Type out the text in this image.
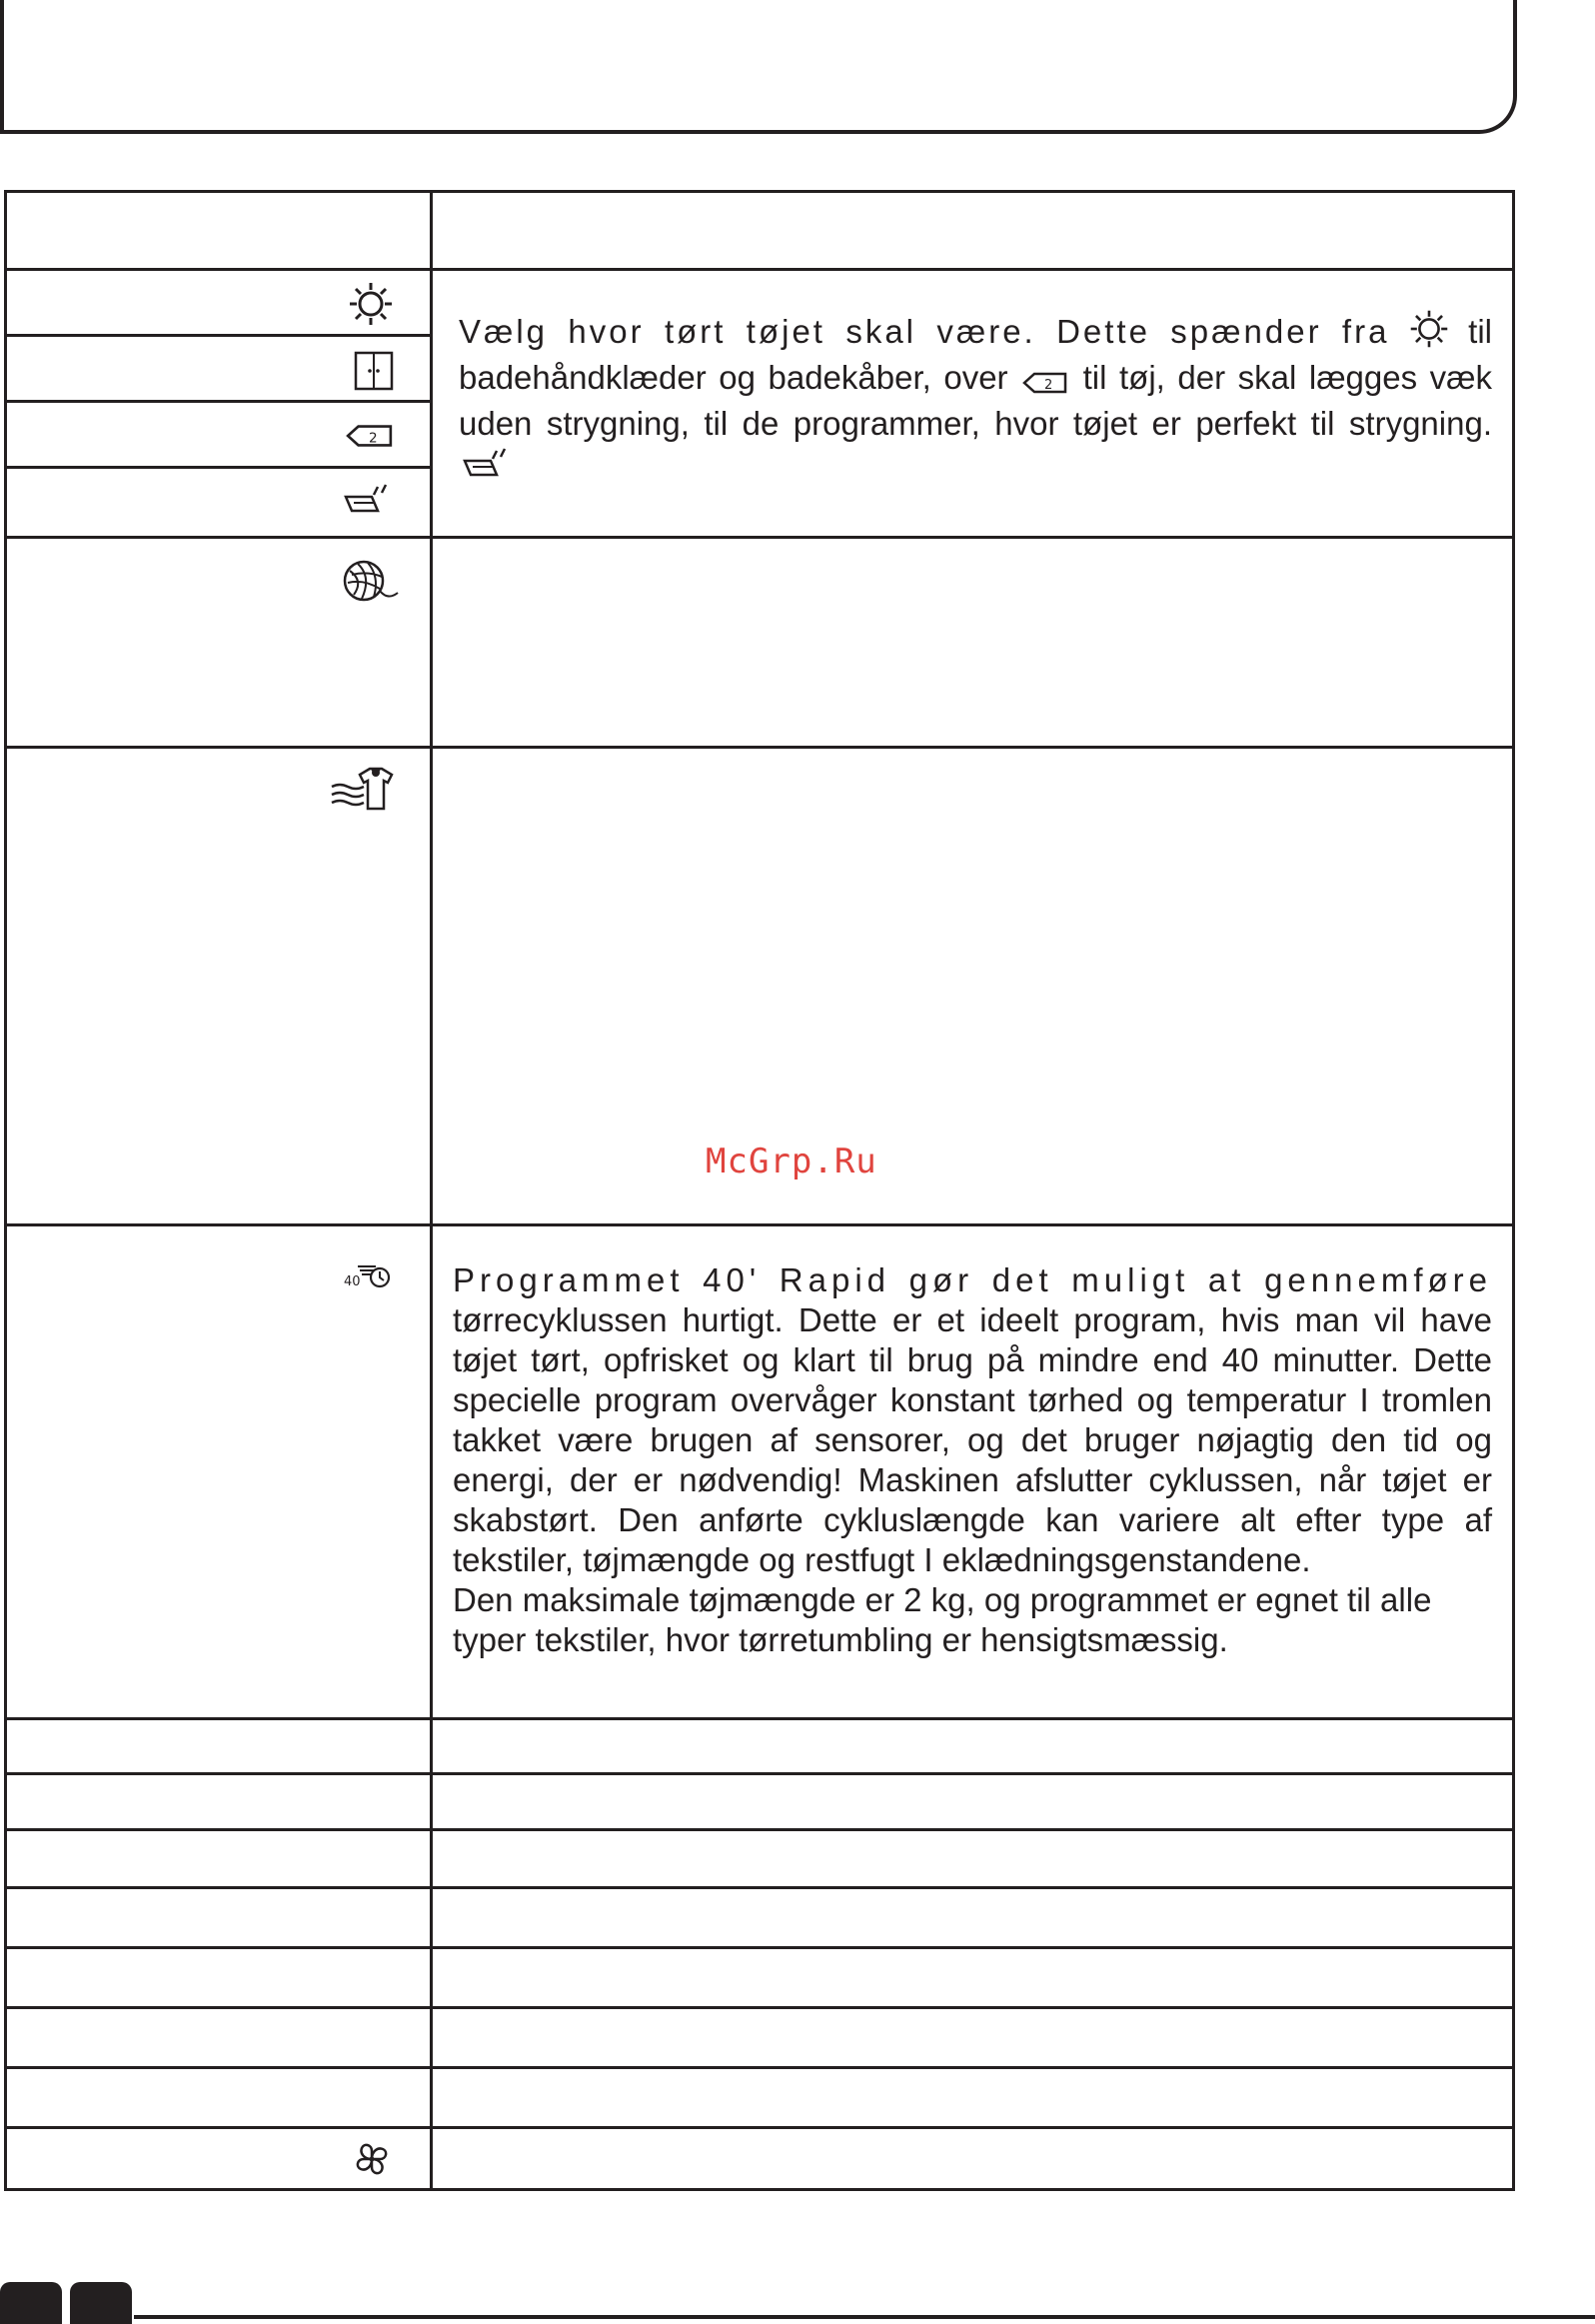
Vælg hvor tørt tøjet skal være. Dette spænder fra til badehåndklæder og badekåber, over 2 til tøj, der skal lægges væk uden strygning, til de programmer, hvor tøjet er perfekt til strygning.

2	

40	Programmet 40' Rapid gør det muligt at gennemføre tørrecyklussen hurtigt. Dette er et ideelt program, hvis man vil have tøjet tørt, opfrisket og klart til brug på mindre end 40 minutter. Dette specielle program overvåger konstant tørhed og temperatur I tromlen takket være brugen af sensorer, og det bruger nøjagtig den tid og energi, der er nødvendig! Maskinen afslutter cyklussen, når tøjet er skabstørt. Den anførte cykluslængde kan variere alt efter type af tekstiler, tøjmængde og restfugt I eklædningsgenstandene.
Den maksimale tøjmængde er 2 kg, og programmet er egnet til alle typer tekstiler, hvor tørretumbling er hensigtsmæssig.

McGrp.Ru
